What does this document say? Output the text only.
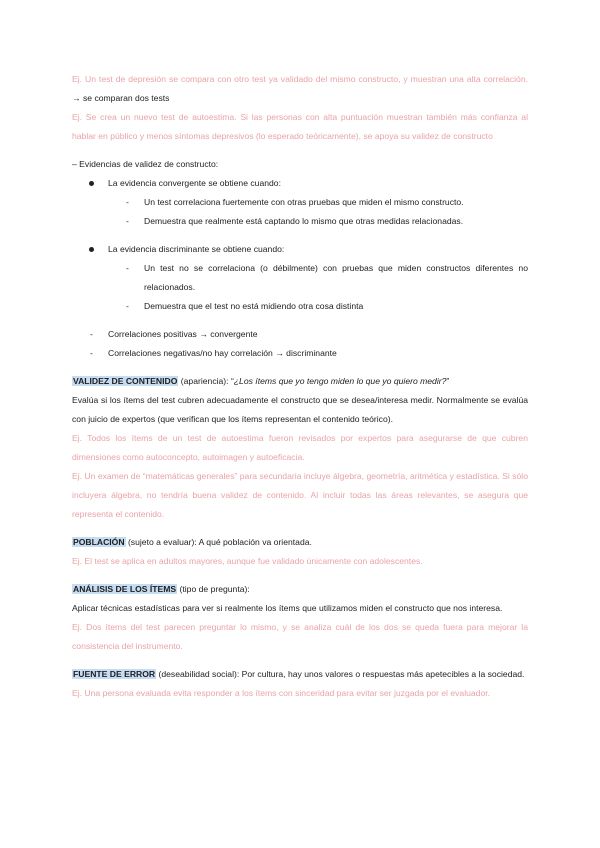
Ej. Un test de depresión se compara con otro test ya validado del mismo constructo, y muestran una alta correlación. → se comparan dos tests

Ej. Se crea un nuevo test de autoestima. Si las personas con alta puntuación muestran también más confianza al hablar en público y menos síntomas depresivos (lo esperado teóricamente), se apoya su validez de constructo

– Evidencias de validez de constructo:

La evidencia convergente se obtiene cuando:
- Un test correlaciona fuertemente con otras pruebas que miden el mismo constructo.
- Demuestra que realmente está captando lo mismo que otras medidas relacionadas.
La evidencia discriminante se obtiene cuando:
- Un test no se correlaciona (o débilmente) con pruebas que miden constructos diferentes no relacionados.
- Demuestra que el test no está midiendo otra cosa distinta
- Correlaciones positivas → convergente
- Correlaciones negativas/no hay correlación → discriminante

VALIDEZ DE CONTENIDO (apariencia): “¿Los ítems que yo tengo miden lo que yo quiero medir?”

Evalúa si los ítems del test cubren adecuadamente el constructo que se desea/interesa medir. Normalmente se evalúa con juicio de expertos (que verifican que los ítems representan el contenido teórico).

Ej. Todos los ítems de un test de autoestima fueron revisados por expertos para asegurarse de que cubren dimensiones como autoconcepto, autoimagen y autoeficacia.

Ej. Un examen de “matemáticas generales” para secundaria incluye álgebra, geometría, aritmética y estadística. Si sólo incluyera álgebra, no tendría buena validez de contenido. Al incluir todas las áreas relevantes, se asegura que representa el contenido.

POBLACIÓN (sujeto a evaluar): A qué población va orientada.

Ej. El test se aplica en adultos mayores, aunque fue validado únicamente con adolescentes.

ANÁLISIS DE LOS ÍTEMS (tipo de pregunta):

Aplicar técnicas estadísticas para ver si realmente los ítems que utilizamos miden el constructo que nos interesa.

Ej. Dos ítems del test parecen preguntar lo mismo, y se analiza cuál de los dos se queda fuera para mejorar la consistencia del instrumento.

FUENTE DE ERROR (deseabilidad social): Por cultura, hay unos valores o respuestas más apetecibles a la sociedad.

Ej. Una persona evaluada evita responder a los ítems con sinceridad para evitar ser juzgada por el evaluador.
